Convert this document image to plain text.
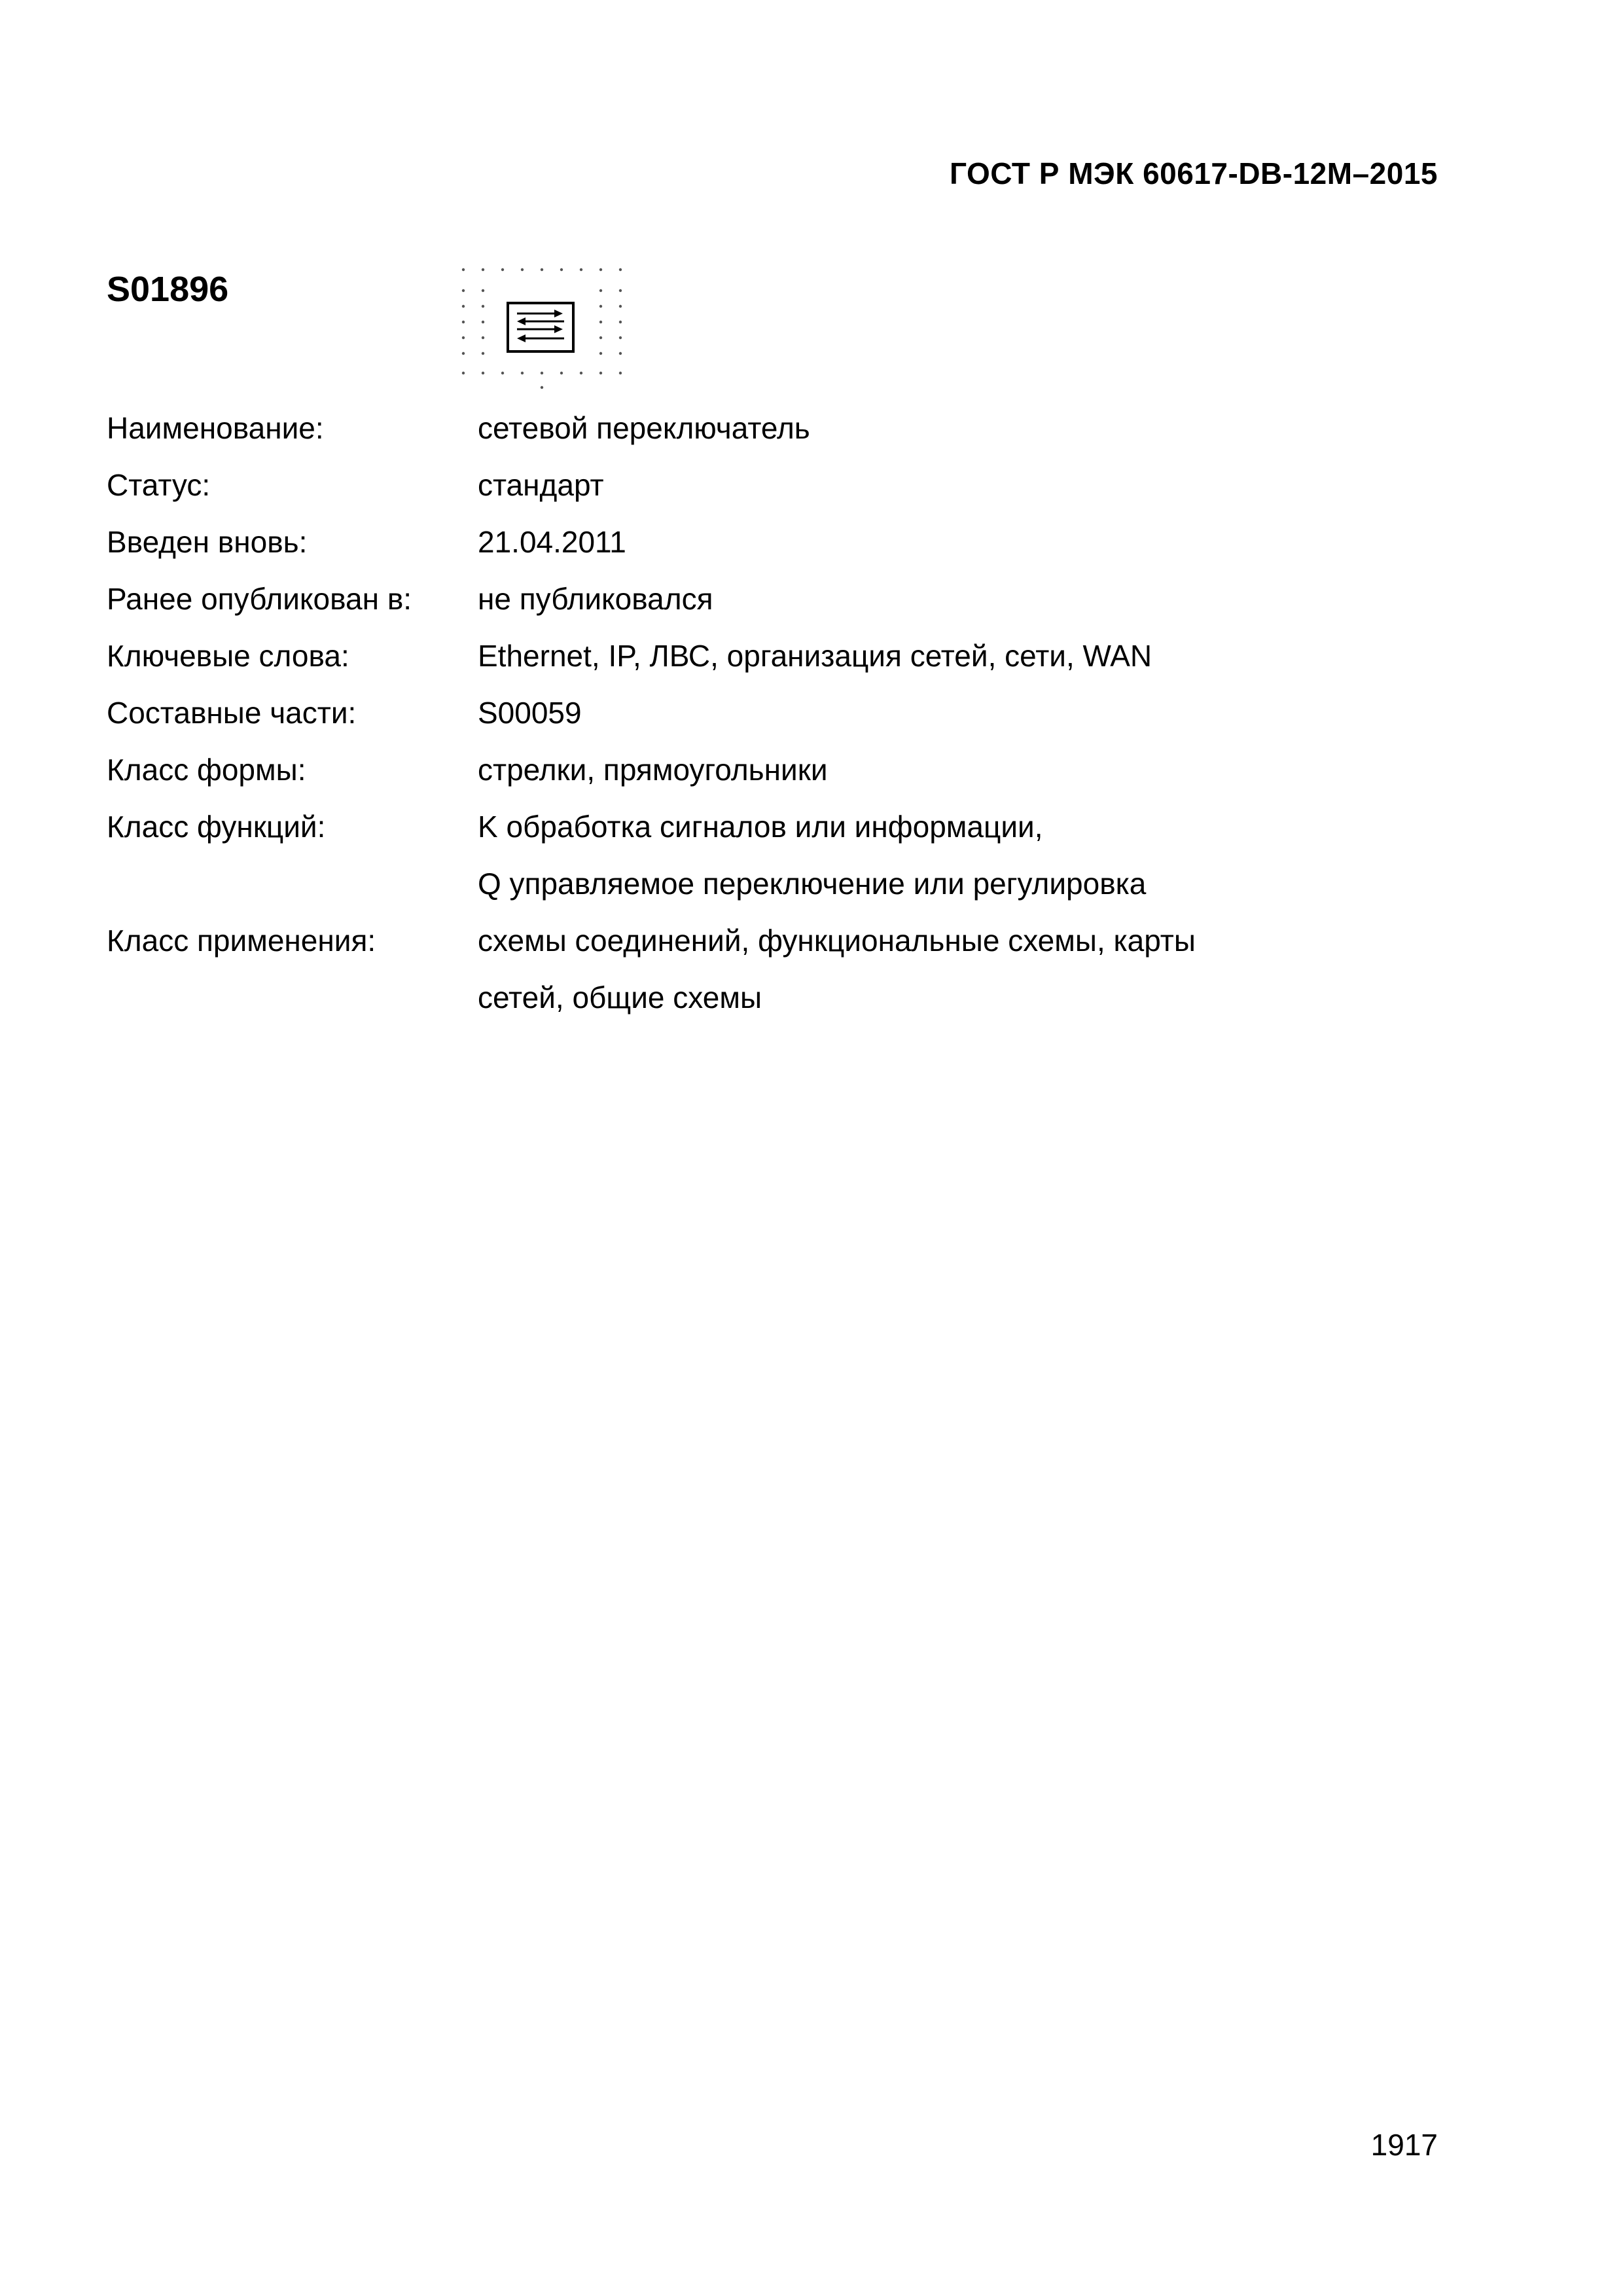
ГОСТ Р МЭК 60617-DB-12M–2015
S01896
Наименование:	сетевой переключатель
Статус:	стандарт
Введен вновь:	21.04.2011
Ранее опубликован в: не публиковался
Ключевые слова:	Ethernet, IP, ЛВС, организация сетей, сети, WAN
Составные части:	S00059
Класс формы:	стрелки, прямоугольники
Класс функций:	K обработка сигналов или информации,
Q управляемое переключение или регулировка
Класс применения:	схемы соединений, функциональные схемы, карты
сетей, общие схемы
1917
